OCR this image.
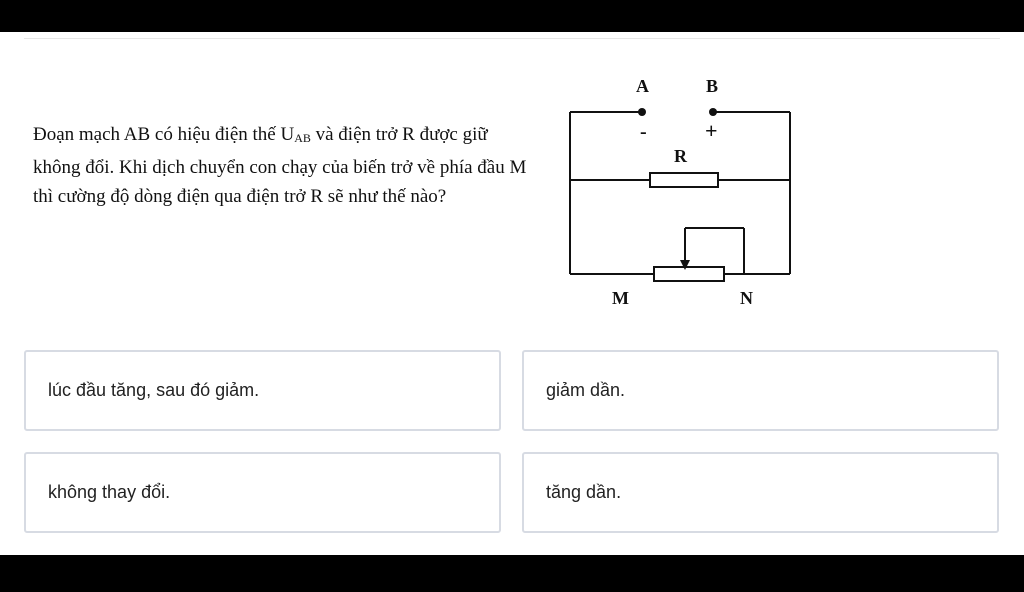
Đoạn mạch AB có hiệu điện thế $U_{AB}$ và điện trở R được giữ không đổi. Khi dịch chuyển con chạy của biến trở về phía đầu M thì cường độ dòng điện qua điện trở R sẽ như thế nào?
A	B
-	+
R
M	N
lúc đầu tăng, sau đó giảm.	giảm dần.
không thay đổi.	tăng dần.
